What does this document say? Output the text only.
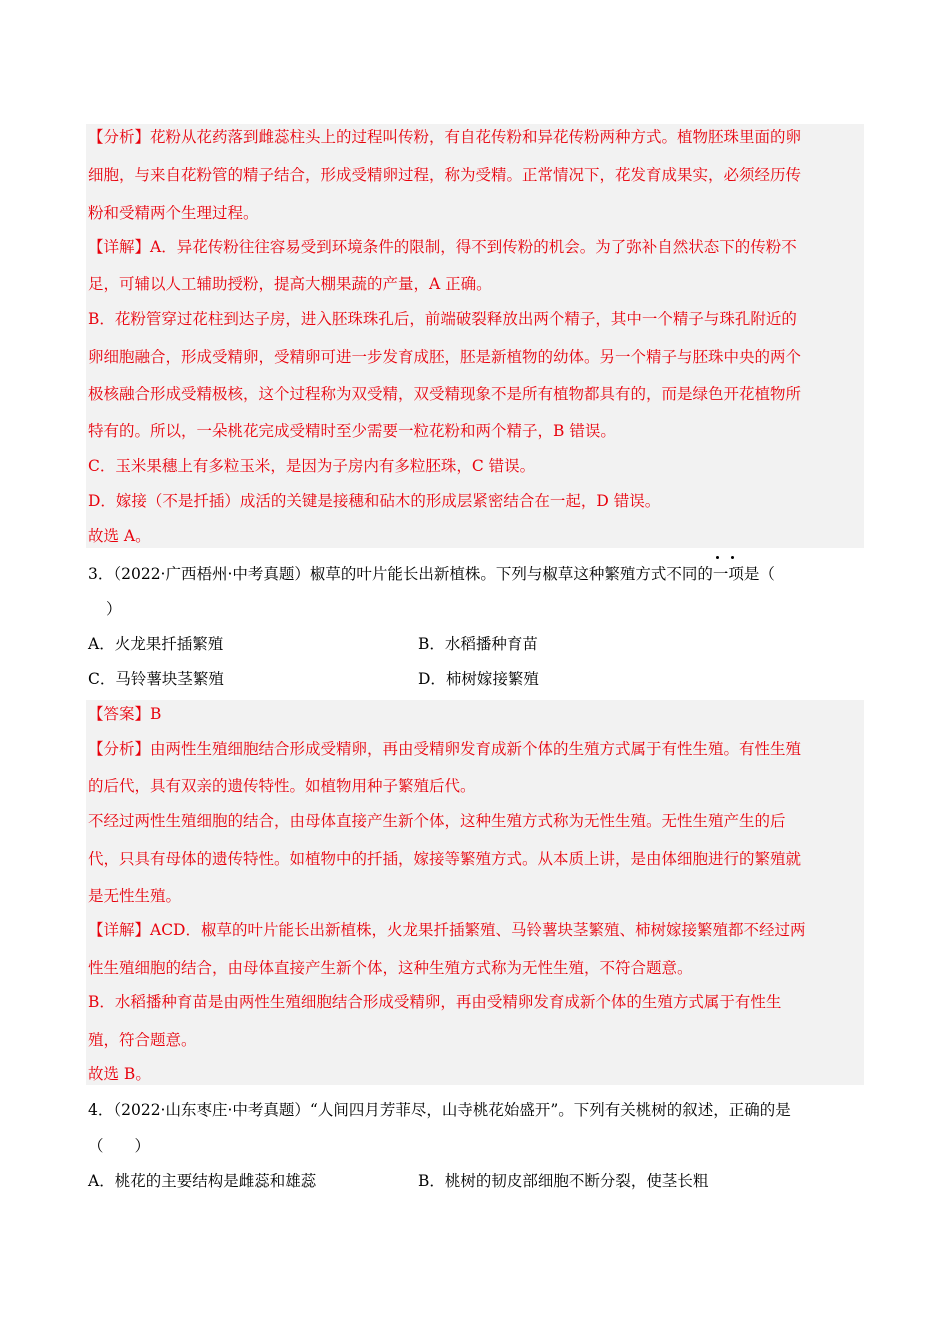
【分析】花粉从花药落到雌蕊柱头上的过程叫传粉，有自花传粉和异花传粉两种方式。植物胚珠里面的卵
细胞，与来自花粉管的精子结合，形成受精卵过程，称为受精。正常情况下，花发育成果实，必须经历传
粉和受精两个生理过程。
【详解】A．异花传粉往往容易受到环境条件的限制，得不到传粉的机会。为了弥补自然状态下的传粉不
足，可辅以人工辅助授粉，提高大棚果蔬的产量，A 正确。
B．花粉管穿过花柱到达子房，进入胚珠珠孔后，前端破裂释放出两个精子，其中一个精子与珠孔附近的
卵细胞融合，形成受精卵，受精卵可进一步发育成胚，胚是新植物的幼体。另一个精子与胚珠中央的两个
极核融合形成受精极核，这个过程称为双受精，双受精现象不是所有植物都具有的，而是绿色开花植物所
特有的。所以，一朵桃花完成受精时至少需要一粒花粉和两个精子，B 错误。
C．玉米果穗上有多粒玉米，是因为子房内有多粒胚珠，C 错误。
D．嫁接（不是扦插）成活的关键是接穗和砧木的形成层紧密结合在一起，D 错误。
故选 A。
3．（2022·广西梧州·中考真题）椒草的叶片能长出新植株。下列与椒草这种繁殖方式不同的一项是（
）
A．火龙果扦插繁殖	B．水稻播种育苗
C．马铃薯块茎繁殖	D．柿树嫁接繁殖
【答案】B
【分析】由两性生殖细胞结合形成受精卵，再由受精卵发育成新个体的生殖方式属于有性生殖。有性生殖
的后代，具有双亲的遗传特性。如植物用种子繁殖后代。
不经过两性生殖细胞的结合，由母体直接产生新个体，这种生殖方式称为无性生殖。无性生殖产生的后
代，只具有母体的遗传特性。如植物中的扦插，嫁接等繁殖方式。从本质上讲，是由体细胞进行的繁殖就
是无性生殖。
【详解】ACD．椒草的叶片能长出新植株，火龙果扦插繁殖、马铃薯块茎繁殖、柿树嫁接繁殖都不经过两
性生殖细胞的结合，由母体直接产生新个体，这种生殖方式称为无性生殖，不符合题意。
B．水稻播种育苗是由两性生殖细胞结合形成受精卵，再由受精卵发育成新个体的生殖方式属于有性生
殖，符合题意。
故选 B。
4．（2022·山东枣庄·中考真题）“人间四月芳菲尽，山寺桃花始盛开”。下列有关桃树的叙述，正确的是
（　　）
A．桃花的主要结构是雌蕊和雄蕊	B．桃树的韧皮部细胞不断分裂，使茎长粗
